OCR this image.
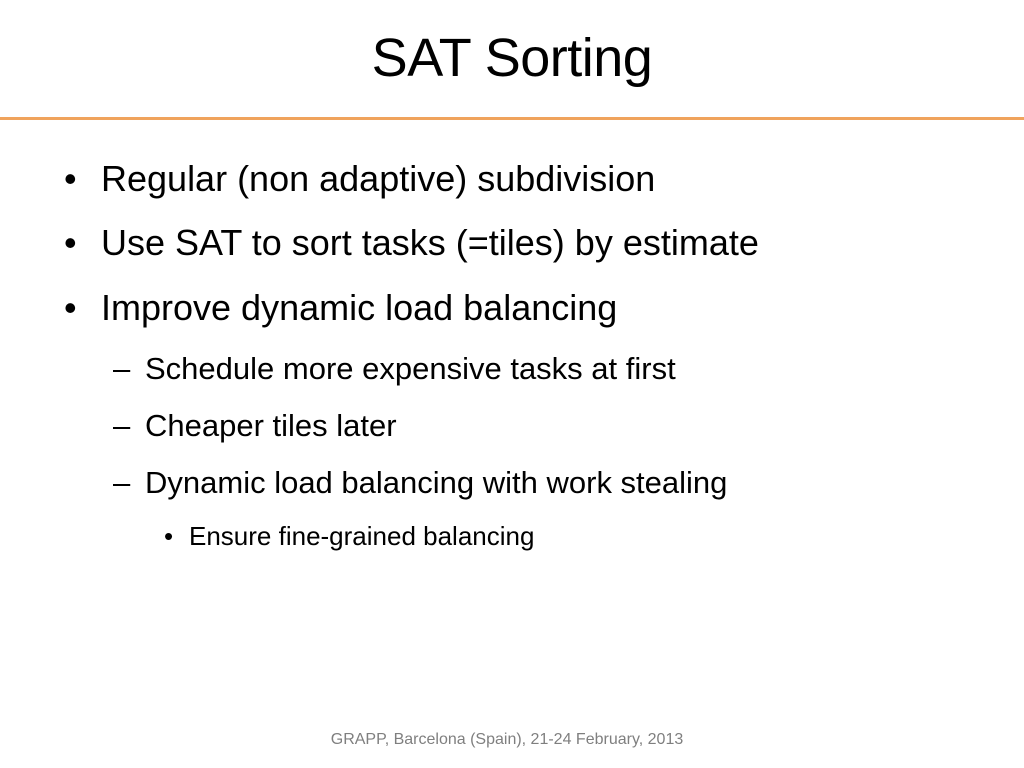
SAT Sorting
• Regular (non adaptive) subdivision
• Use SAT to sort tasks (=tiles) by estimate
• Improve dynamic load balancing
– Schedule more expensive tasks at first
– Cheaper tiles later
– Dynamic load balancing with work stealing
• Ensure fine-grained balancing
GRAPP, Barcelona (Spain), 21-24 February, 2013
